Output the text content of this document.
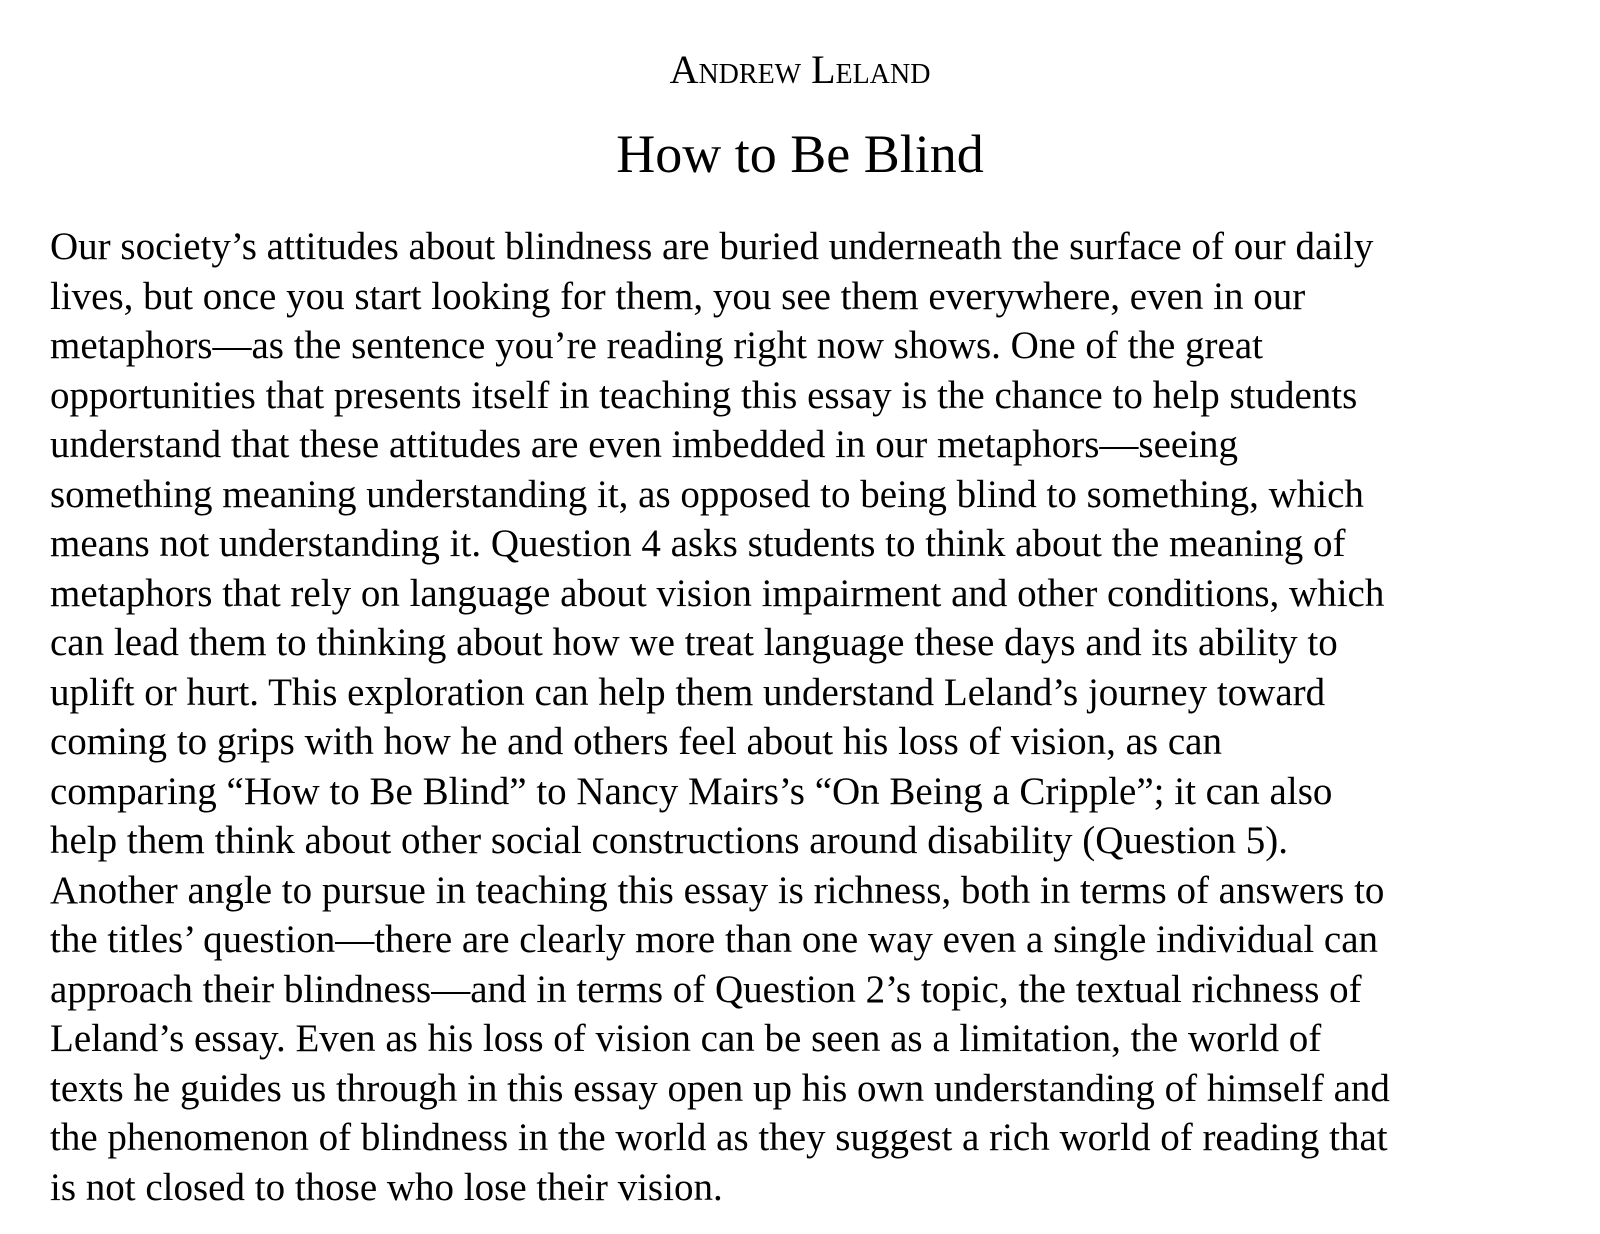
Andrew Leland
How to Be Blind
Our society’s attitudes about blindness are buried underneath the surface of our daily
lives, but once you start looking for them, you see them everywhere, even in our
metaphors—as the sentence you’re reading right now shows. One of the great
opportunities that presents itself in teaching this essay is the chance to help students
understand that these attitudes are even imbedded in our metaphors—seeing
something meaning understanding it, as opposed to being blind to something, which
means not understanding it. Question 4 asks students to think about the meaning of
metaphors that rely on language about vision impairment and other conditions, which
can lead them to thinking about how we treat language these days and its ability to
uplift or hurt. This exploration can help them understand Leland’s journey toward
coming to grips with how he and others feel about his loss of vision, as can
comparing “How to Be Blind” to Nancy Mairs’s “On Being a Cripple”; it can also
help them think about other social constructions around disability (Question 5).
Another angle to pursue in teaching this essay is richness, both in terms of answers to
the titles’ question—there are clearly more than one way even a single individual can
approach their blindness—and in terms of Question 2’s topic, the textual richness of
Leland’s essay. Even as his loss of vision can be seen as a limitation, the world of
texts he guides us through in this essay open up his own understanding of himself and
the phenomenon of blindness in the world as they suggest a rich world of reading that
is not closed to those who lose their vision.
